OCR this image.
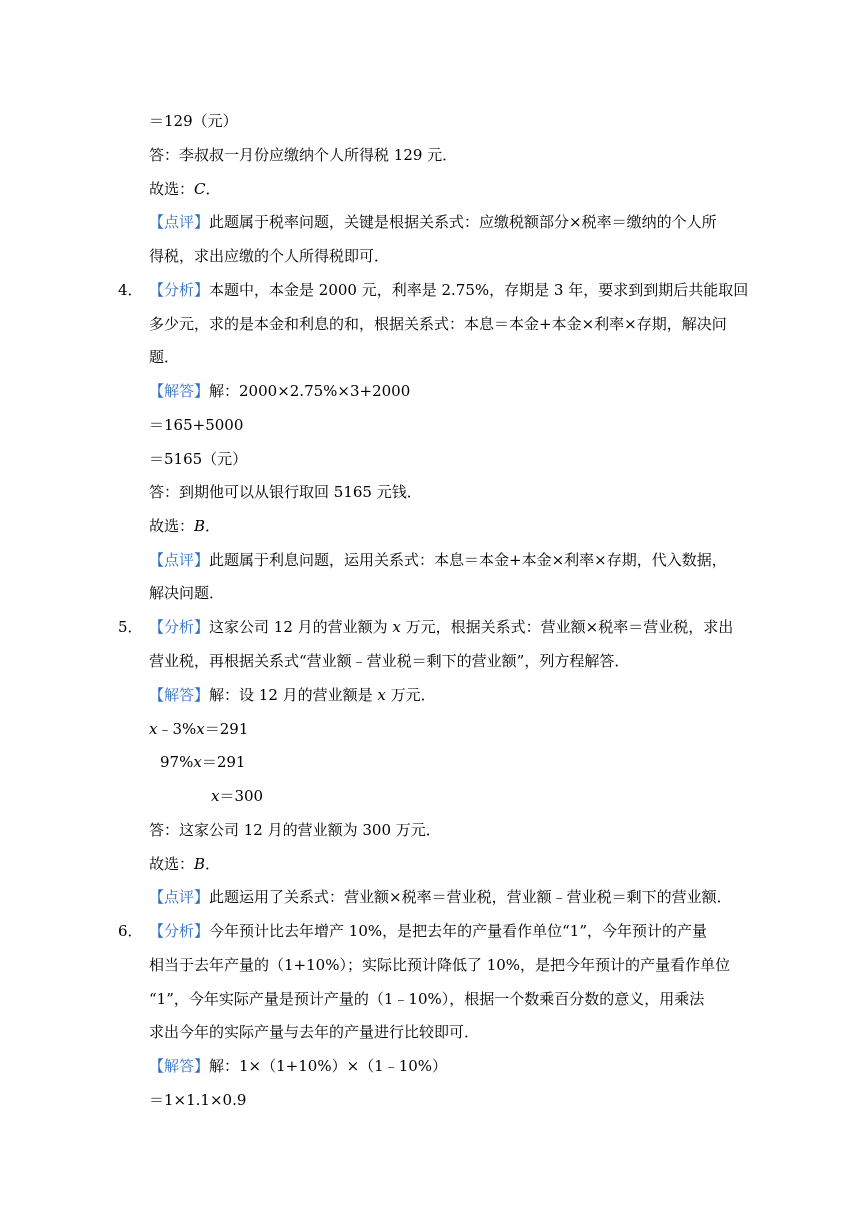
＝129（元）
答：李叔叔一月份应缴纳个人所得税 129 元．
故选：C．
【点评】此题属于税率问题，关键是根据关系式：应缴税额部分×税率＝缴纳的个人所
得税，求出应缴的个人所得税即可．
4． 【分析】本题中，本金是 2000 元，利率是 2.75%，存期是 3 年，要求到到期后共能取回
多少元，求的是本金和利息的和，根据关系式：本息＝本金+本金×利率×存期，解决问
题．
【解答】解：2000×2.75%×3+2000
＝165+5000
＝5165（元）
答：到期他可以从银行取回 5165 元钱．
故选：B．
【点评】此题属于利息问题，运用关系式：本息＝本金+本金×利率×存期，代入数据，
解决问题．
5． 【分析】这家公司 12 月的营业额为 x 万元，根据关系式：营业额×税率＝营业税，求出
营业税，再根据关系式“营业额﹣营业税＝剩下的营业额”，列方程解答．
【解答】解：设 12 月的营业额是 x 万元．
x﹣3%x＝291
97%x＝291
x＝300
答：这家公司 12 月的营业额为 300 万元．
故选：B．
【点评】此题运用了关系式：营业额×税率＝营业税，营业额﹣营业税＝剩下的营业额．
6． 【分析】今年预计比去年增产 10%，是把去年的产量看作单位“1”，今年预计的产量
相当于去年产量的（1+10%）；实际比预计降低了 10%，是把今年预计的产量看作单位
“1”，今年实际产量是预计产量的（1﹣10%），根据一个数乘百分数的意义，用乘法
求出今年的实际产量与去年的产量进行比较即可．
【解答】解：1×（1+10%）×（1﹣10%）
＝1×1.1×0.9
